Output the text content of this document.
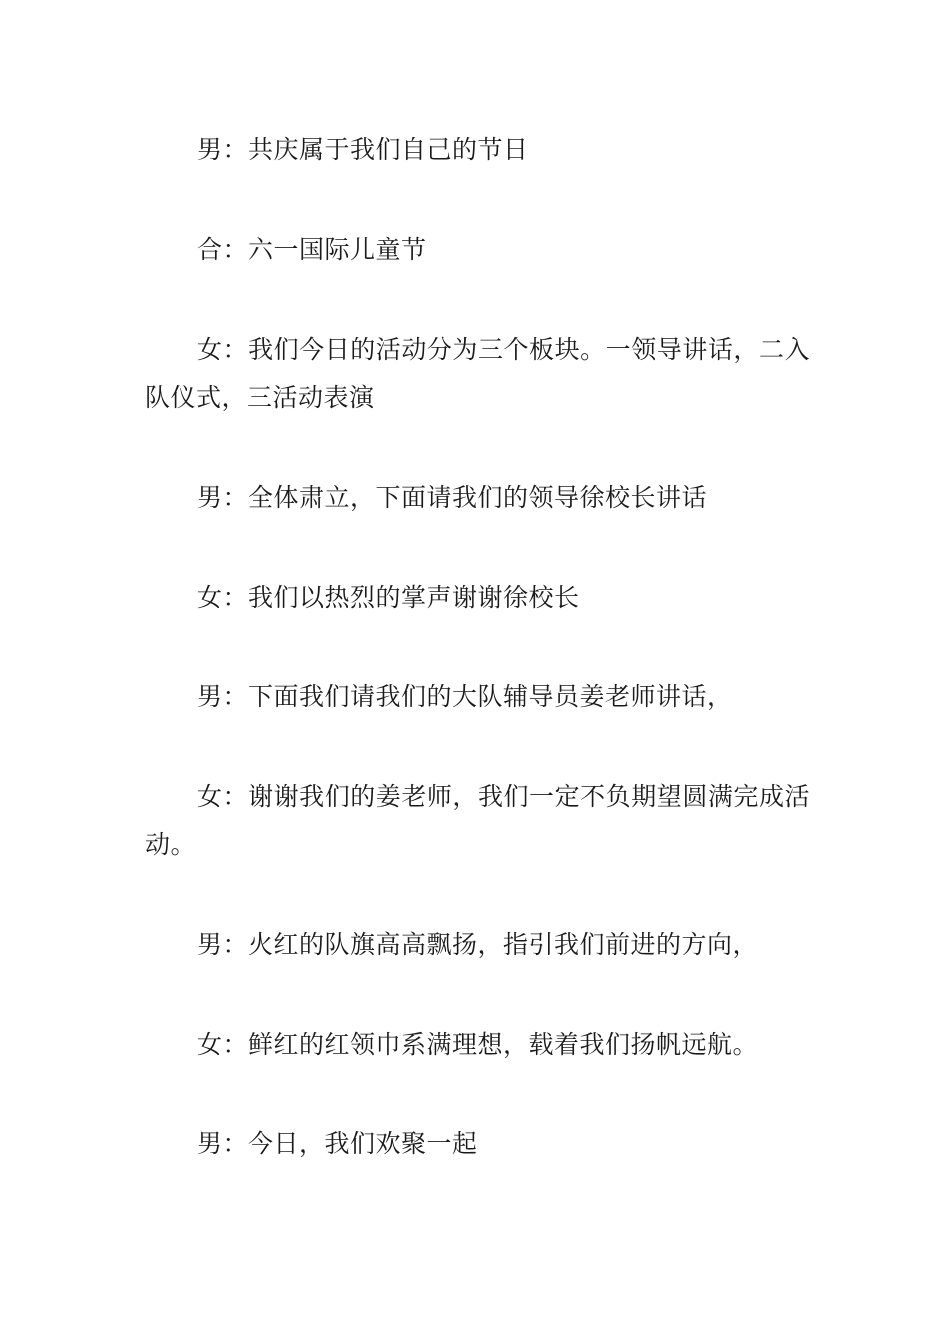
男：共庆属于我们自己的节日

合：六一国际儿童节

女：我们今日的活动分为三个板块。一领导讲话，二入队仪式，三活动表演

男：全体肃立，下面请我们的领导徐校长讲话

女：我们以热烈的掌声谢谢徐校长

男：下面我们请我们的大队辅导员姜老师讲话，

女：谢谢我们的姜老师，我们一定不负期望圆满完成活动。

男：火红的队旗高高飘扬，指引我们前进的方向，

女：鲜红的红领巾系满理想，载着我们扬帆远航。

男：今日，我们欢聚一起
